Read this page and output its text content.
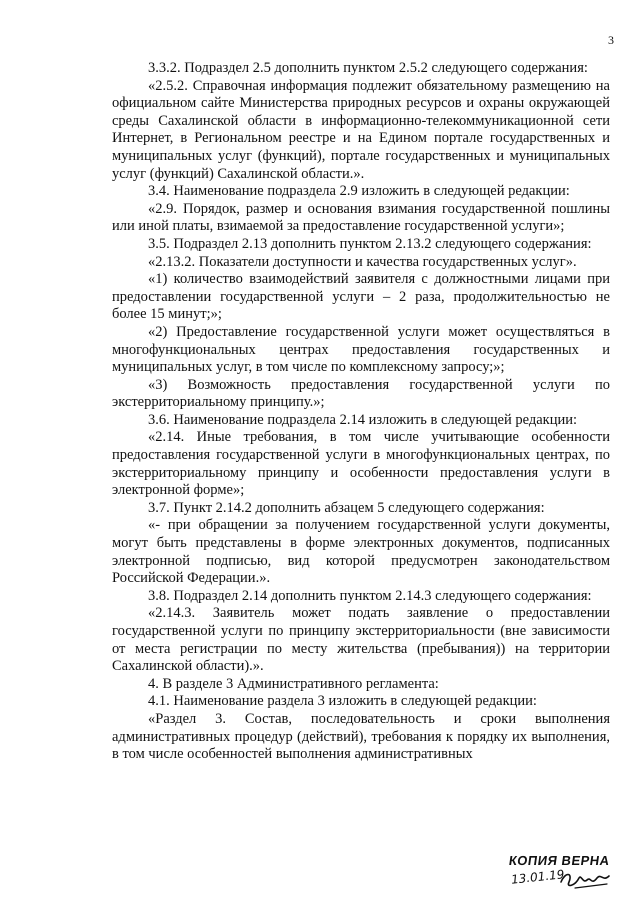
3

3.3.2. Подраздел 2.5 дополнить пунктом 2.5.2 следующего содержания:

«2.5.2. Справочная информация подлежит обязательному размещению на официальном сайте Министерства природных ресурсов и охраны окружающей среды Сахалинской области в информационно-телекоммуникационной сети Интернет, в Региональном реестре и на Едином портале государственных и муниципальных услуг (функций), портале государственных и муниципальных услуг (функций) Сахалинской области.».

3.4. Наименование подраздела 2.9 изложить в следующей редакции:

«2.9. Порядок, размер и основания взимания государственной пошлины или иной платы, взимаемой за предоставление государственной услуги»;

3.5. Подраздел 2.13 дополнить пунктом 2.13.2 следующего содержания:

«2.13.2. Показатели доступности и качества государственных услуг».

«1) количество взаимодействий заявителя с должностными лицами при предоставлении государственной услуги – 2 раза, продолжительностью не более 15 минут;»;

«2) Предоставление государственной услуги может осуществляться в многофункциональных центрах предоставления государственных и муниципальных услуг, в том числе по комплексному запросу;»;

«3) Возможность предоставления государственной услуги по экстерриториальному принципу.»;

3.6. Наименование подраздела 2.14 изложить в следующей редакции:

«2.14. Иные требования, в том числе учитывающие особенности предоставления государственной услуги в многофункциональных центрах, по экстерриториальному принципу и особенности предоставления услуги в электронной форме»;

3.7. Пункт 2.14.2 дополнить абзацем 5 следующего содержания:

«- при обращении за получением государственной услуги документы, могут быть представлены в форме электронных документов, подписанных электронной подписью, вид которой предусмотрен законодательством Российской Федерации.».

3.8. Подраздел 2.14 дополнить пунктом 2.14.3 следующего содержания:

«2.14.3. Заявитель может подать заявление о предоставлении государственной услуги по принципу экстерриториальности (вне зависимости от места регистрации по месту жительства (пребывания)) на территории Сахалинской области).».

4. В разделе 3 Административного регламента:

4.1. Наименование раздела 3 изложить в следующей редакции:

«Раздел 3. Состав, последовательность и сроки выполнения административных процедур (действий), требования к порядку их выполнения, в том числе особенностей выполнения административных

КОПИЯ ВЕРНА
13.01.19
